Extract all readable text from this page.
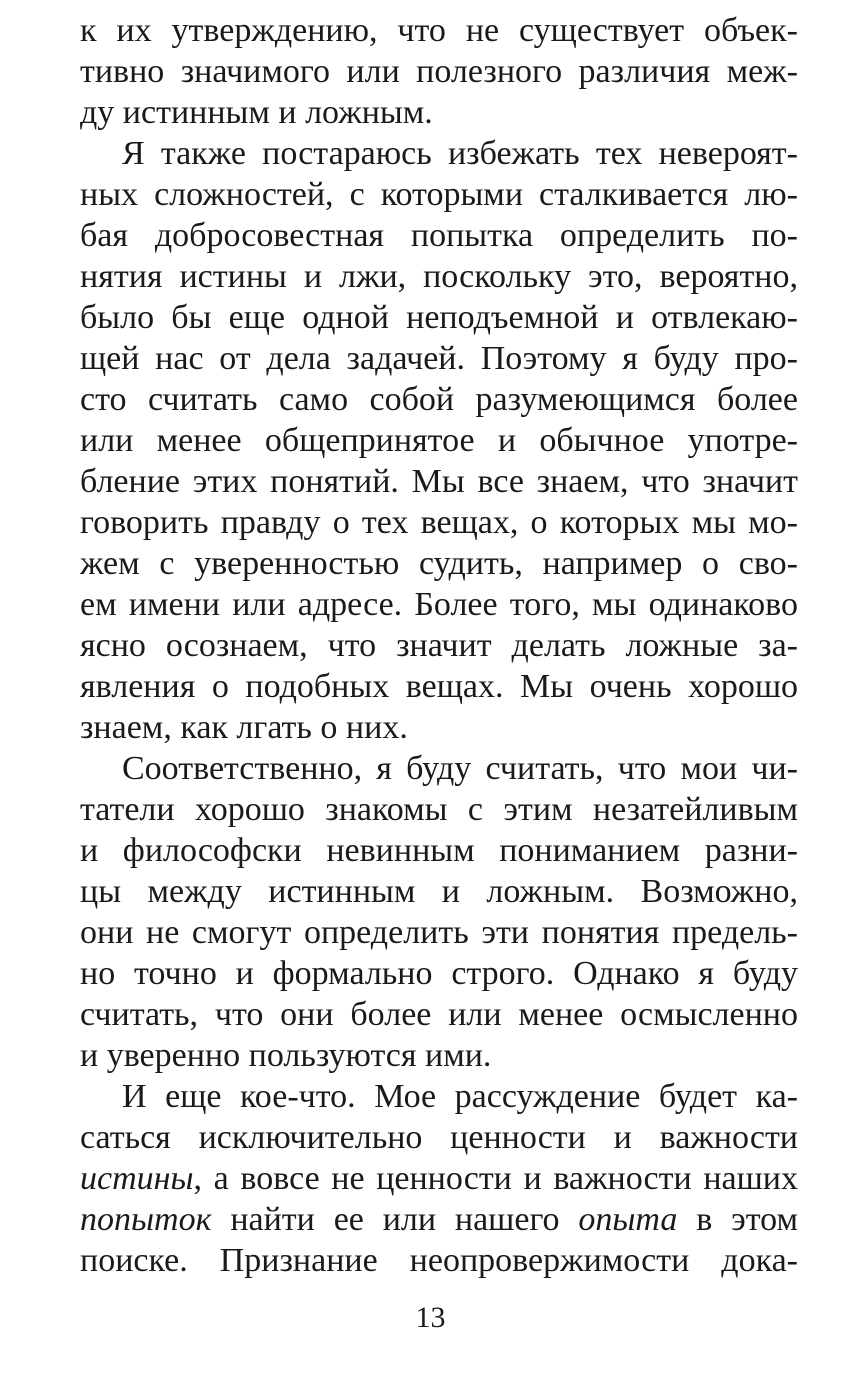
к их утверждению, что не существует объек-
тивно значимого или полезного различия меж-
ду истинным и ложным.
Я также постараюсь избежать тех невероят-
ных сложностей, с которыми сталкивается лю-
бая добросовестная попытка определить по-
нятия истины и лжи, поскольку это, вероятно,
было бы еще одной неподъемной и отвлекаю-
щей нас от дела задачей. Поэтому я буду про-
сто считать само собой разумеющимся более
или менее общепринятое и обычное употре-
бление этих понятий. Мы все знаем, что значит
говорить правду о тех вещах, о которых мы мо-
жем с уверенностью судить, например о сво-
ем имени или адресе. Более того, мы одинаково
ясно осознаем, что значит делать ложные за-
явления о подобных вещах. Мы очень хорошо
знаем, как лгать о них.
Соответственно, я буду считать, что мои чи-
татели хорошо знакомы с этим незатейливым
и философски невинным пониманием разни-
цы между истинным и ложным. Возможно,
они не смогут определить эти понятия предель-
но точно и формально строго. Однако я буду
считать, что они более или менее осмысленно
и уверенно пользуются ими.
И еще кое-что. Мое рассуждение будет ка-
саться исключительно ценности и важности
истины, а вовсе не ценности и важности наших
попыток найти ее или нашего опыта в этом
поиске. Признание неопровержимости дока-
13
